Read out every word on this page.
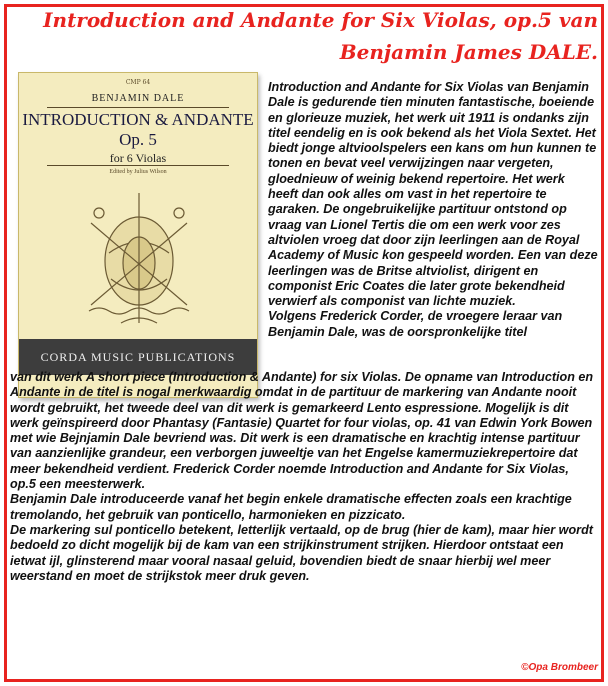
Introduction and Andante for Six Violas, op.5 van
Benjamin James DALE.
CMP 64
BENJAMIN DALE
INTRODUCTION & ANDANTE Op. 5
for 6 Violas
Edited by Julius Wilson
CORDA MUSIC PUBLICATIONS

Introduction and Andante for Six Violas van Benjamin Dale is gedurende tien minuten fantastische, boeiende en glorieuze muziek, het werk uit 1911 is ondanks zijn titel eendelig en is ook bekend als het Viola Sextet. Het biedt jonge altvioolspelers een kans om hun kunnen te tonen en bevat veel verwijzingen naar vergeten, gloednieuw of weinig bekend repertoire. Het werk heeft dan ook alles om vast in het repertoire te garaken. De ongebruikelijke partituur ontstond op vraag van Lionel Tertis die om een werk voor zes altviolen vroeg dat door zijn leerlingen aan de Royal Academy of Music kon gespeeld worden. Een van deze leerlingen was de Britse altviolist, dirigent en componist Eric Coates die later grote bekendheid verwierf als componist van lichte muziek.

Volgens Frederick Corder, de vroegere leraar van Benjamin Dale, was de oorspronkelijke titel

van dit werk A short piece (Introduction & Andante) for six Violas. De opname van Introduction en Andante in de titel is nogal merkwaardig omdat in de partituur de markering van Andante nooit wordt gebruikt, het tweede deel van dit werk is gemarkeerd Lento espressione. Mogelijk is dit werk geïnspireerd door Phantasy (Fantasie) Quartet for four violas, op. 41 van Edwin York Bowen met wie Bejnjamin Dale bevriend was. Dit werk is een dramatische en krachtig intense partituur van aanzienlijke grandeur, een verborgen juweeltje van het Engelse kamermuziekrepertoire dat meer bekendheid verdient. Frederick Corder noemde Introduction and Andante for Six Violas, op.5 een meesterwerk.

Benjamin Dale introduceerde vanaf het begin enkele dramatische effecten zoals een krachtige tremolando, het gebruik van ponticello, harmonieken en pizzicato.

De markering sul ponticello betekent, letterlijk vertaald, op de brug (hier de kam), maar hier wordt bedoeld zo dicht mogelijk bij de kam van een strijkinstrument strijken. Hierdoor ontstaat een ietwat ijl, glinsterend maar vooral nasaal geluid, bovendien biedt de snaar hierbij wel meer weerstand en moet de strijkstok meer druk geven.

©Opa Brombeer
